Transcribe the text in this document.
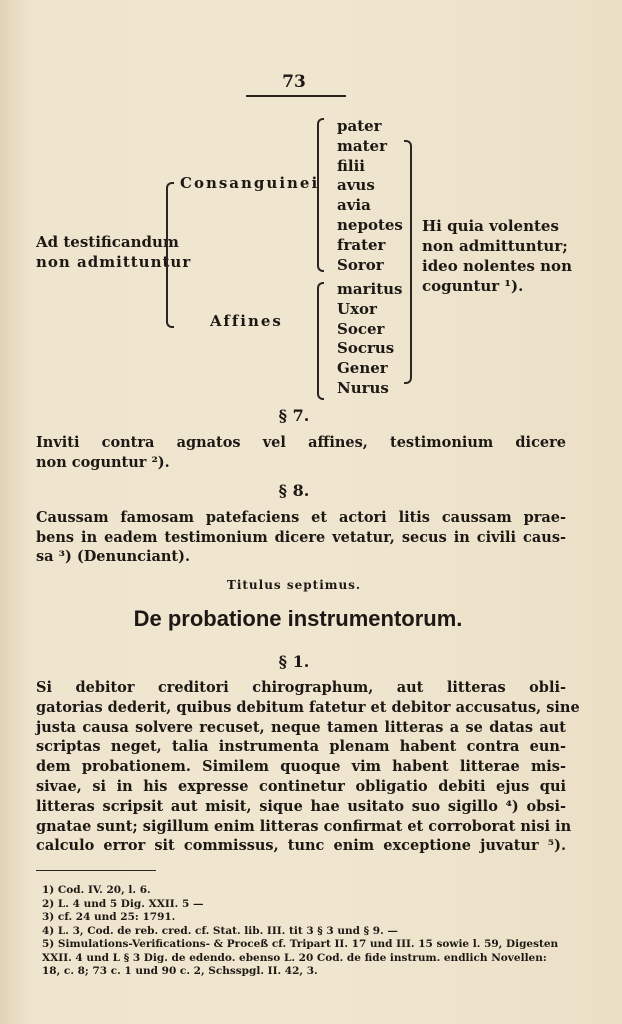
73
Ad testificandum
non admittuntur
Consanguinei
Affines
pater
mater
filii
avus
avia
nepotes
frater
Soror
maritus
Uxor
Socer
Socrus
Gener
Nurus
Hi quia volentes
non admittuntur;
ideo nolentes non
coguntur ¹).
§ 7.
Inviti contra agnatos vel affines, testimonium dicere
non coguntur ²).
§ 8.
Caussam famosam patefaciens et actori litis caussam prae-
bens in eadem testimonium dicere vetatur, secus in civili caus-
sa ³) (Denunciant).
Titulus septimus.
De probatione instrumentorum.
§ 1.
Si debitor creditori chirographum, aut litteras obli-
gatorias dederit, quibus debitum fatetur et debitor accusatus, sine
justa causa solvere recuset, neque tamen litteras a se datas aut
scriptas neget, talia instrumenta plenam habent contra eun-
dem probationem. Similem quoque vim habent litterae mis-
sivae, si in his expresse continetur obligatio debiti ejus qui
litteras scripsit aut misit, sique hae usitato suo sigillo ⁴) obsi-
gnatae sunt; sigillum enim litteras confirmat et corroborat nisi in
calculo error sit commissus, tunc enim exceptione juvatur ⁵).
1) Cod. IV. 20, l. 6.
2) L. 4 und 5 Dig. XXII. 5 —
3) cf. 24 und 25: 1791.
4) L. 3, Cod. de reb. cred. cf. Stat. lib. III. tit 3 § 3 und § 9. —
5) Simulations-Verifications- & Proceß cf. Tripart II. 17 und III. 15 sowie l. 59, Digesten
XXII. 4 und L § 3 Dig. de edendo. ebenso L. 20 Cod. de fide instrum. endlich Novellen:
18, c. 8; 73 c. 1 und 90 c. 2, Schsspgl. II. 42, 3.
